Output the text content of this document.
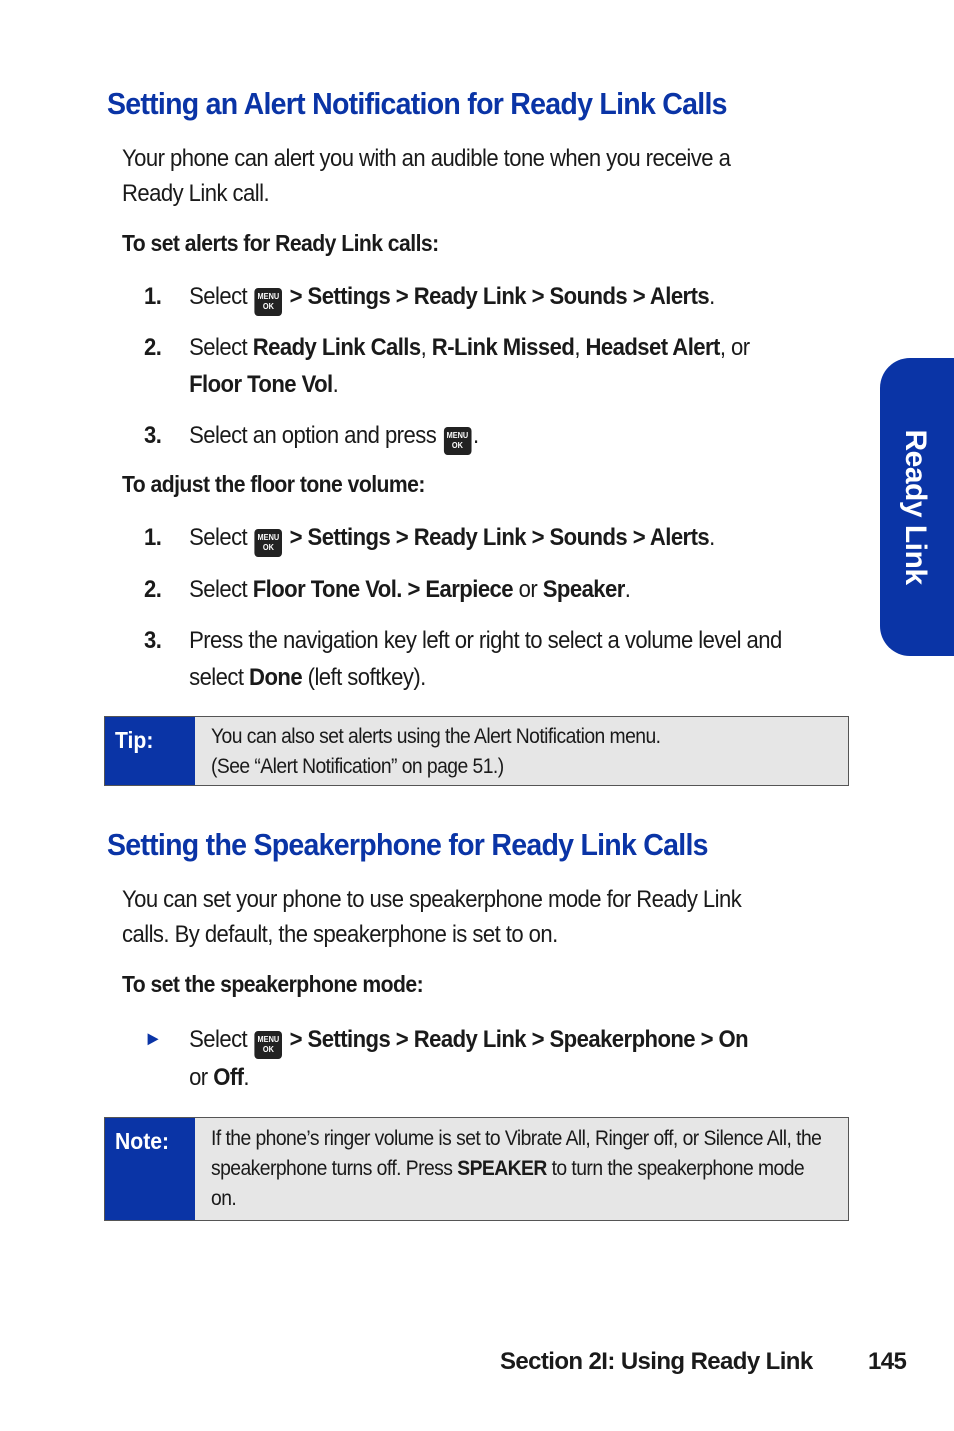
Setting an Alert Notification for Ready Link Calls

Your phone can alert you with an audible tone when you receive a Ready Link call.

To set alerts for Ready Link calls:

1. Select	MENU
OK > Settings > Ready Link > Sounds > Alerts.
2. Select Ready Link Calls, R-Link Missed, Headset Alert, or
Floor Tone Vol.
3. Select an option and press	MENU
OK .

To adjust the floor tone volume:

1. Select	MENU
OK > Settings > Ready Link > Sounds > Alerts.
2. Select Floor Tone Vol. > Earpiece or Speaker.
3. Press the navigation key left or right to select a volume level and select Done (left softkey).
Tip:	You can also set alerts using the Alert Notification menu.
(See “Alert Notification” on page 51.)
Setting the Speakerphone for Ready Link Calls

You can set your phone to use speakerphone mode for Ready Link calls. By default, the speakerphone is set to on.

To set the speakerphone mode:

► Select	MENU
OK > Settings > Ready Link > Speakerphone > On
or Off.
Note:	If the phone’s ringer volume is set to Vibrate All, Ringer off, or Silence All, the speakerphone turns off. Press SPEAKER to turn the speakerphone mode on.
Ready Link
Section 2I: Using Ready Link 145
